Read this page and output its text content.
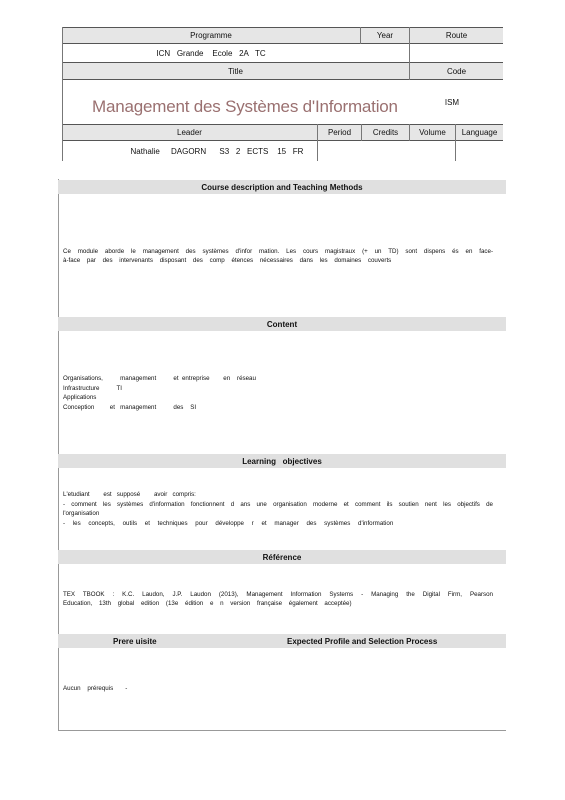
Programme	Year	Route
ICN   Grande    Ecole   2A   TC
Title	Code
Management des Systèmes d'Information	ISM
Leader	Period	Credits	Volume	Language
Nathalie     DAGORN      S3   2   ECTS    15   FR
Course description and Teaching Methods
Ce module aborde le management des systèmes d'infor mation. Les cours magistraux (+ un TD) sont dispens és en face-à-face par des intervenants disposant des comp étences nécessaires dans les domaines couverts
Content
Organisations,          management          et  entreprise        en    réseau
Infrastructure          TI
Applications
Conception         et   management          des    SI
Learning   objectives
L'etudiant        est   supposé        avoir   compris:
- comment les systèmes d'information fonctionnent d ans une organisation moderne et comment ils soutien nent les objectifs de l'organisation
- les concepts, outils et techniques pour développe r et manager des systèmes d'information
Référence
TEX TBOOK : K.C. Laudon, J.P. Laudon (2013), Management Information Systems - Managing the Digital Firm, Pearson Education, 13th global edition (13e édition e n version française également acceptée)
Prere uisite	Expected Profile and Selection Process
Aucun    prérequis       -
